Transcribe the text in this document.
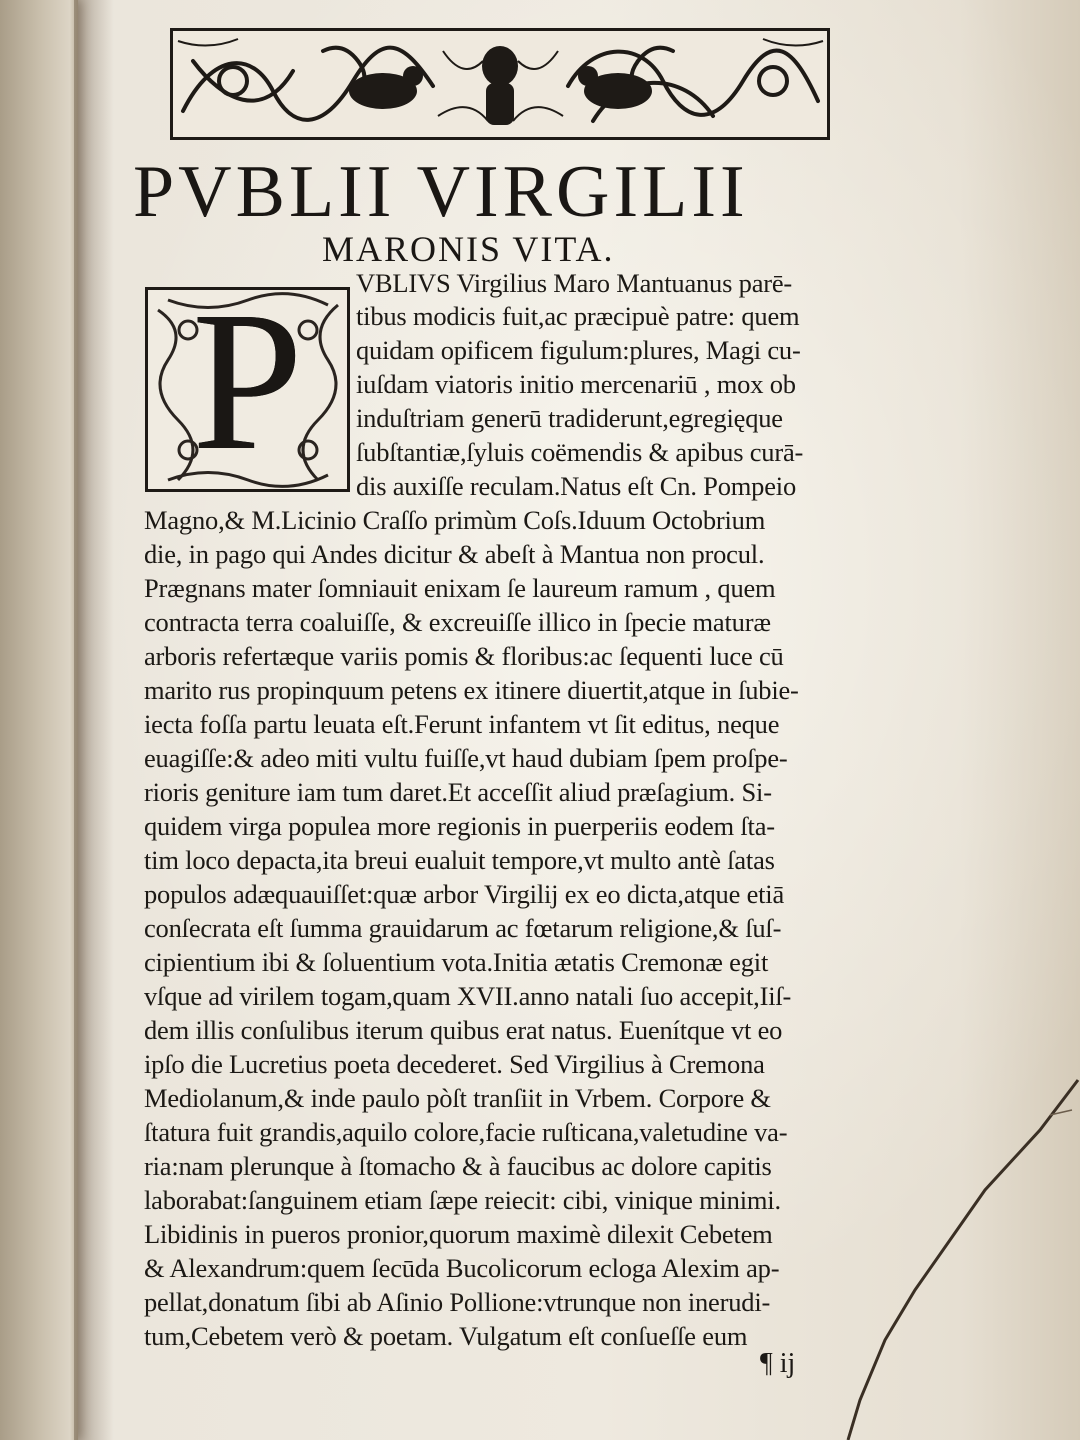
PVBLII VIRGILII
MARONIS VITA.
P	VBLIVS Virgilius Maro Mantuanus parē-
tibus modicis fuit,ac præcipuè patre: quem
quidam opificem figulum:plures, Magi cu-
iuſdam viatoris initio mercenariū , mox ob
induſtriam generū tradiderunt,egregięque
ſubſtantiæ,ſyluis coëmendis & apibus curā-
dis auxiſſe reculam.Natus eſt Cn. Pompeio
Magno,& M.Licinio Craſſo primùm Coſs.Iduum Octobrium
die, in pago qui Andes dicitur & abeſt à Mantua non procul.
Prægnans mater ſomniauit enixam ſe laureum ramum , quem
contracta terra coaluiſſe, & excreuiſſe illico in ſpecie maturæ
arboris refertæque variis pomis & floribus:ac ſequenti luce cū
marito rus propinquum petens ex itinere diuertit,atque in ſubie-
iecta foſſa partu leuata eſt.Ferunt infantem vt ſit editus, neque
euagiſſe:& adeo miti vultu fuiſſe,vt haud dubiam ſpem proſpe-
rioris geniture iam tum daret.Et acceſſit aliud præſagium. Si-
quidem virga populea more regionis in puerperiis eodem ſta-
tim loco depacta,ita breui eualuit tempore,vt multo antè ſatas
populos adæquauiſſet:quæ arbor Virgilij ex eo dicta,atque etiā
conſecrata eſt ſumma grauidarum ac fœtarum religione,& ſuſ-
cipientium ibi & ſoluentium vota.Initia ætatis Cremonæ egit
vſque ad virilem togam,quam XVII.anno natali ſuo accepit,Iiſ-
dem illis conſulibus iterum quibus erat natus. Euenítque vt eo
ipſo die Lucretius poeta decederet. Sed Virgilius à Cremona
Mediolanum,& inde paulo pòſt tranſiit in Vrbem. Corpore &
ſtatura fuit grandis,aquilo colore,facie ruſticana,valetudine va-
ria:nam plerunque à ſtomacho & à faucibus ac dolore capitis
laborabat:ſanguinem etiam ſæpe reiecit: cibi, vinique minimi.
Libidinis in pueros pronior,quorum maximè dilexit Cebetem
& Alexandrum:quem ſecūda Bucolicorum ecloga Alexim ap-
pellat,donatum ſibi ab Aſinio Pollione:vtrunque non inerudi-
tum,Cebetem verò & poetam. Vulgatum eſt conſueſſe eum
¶ ij
